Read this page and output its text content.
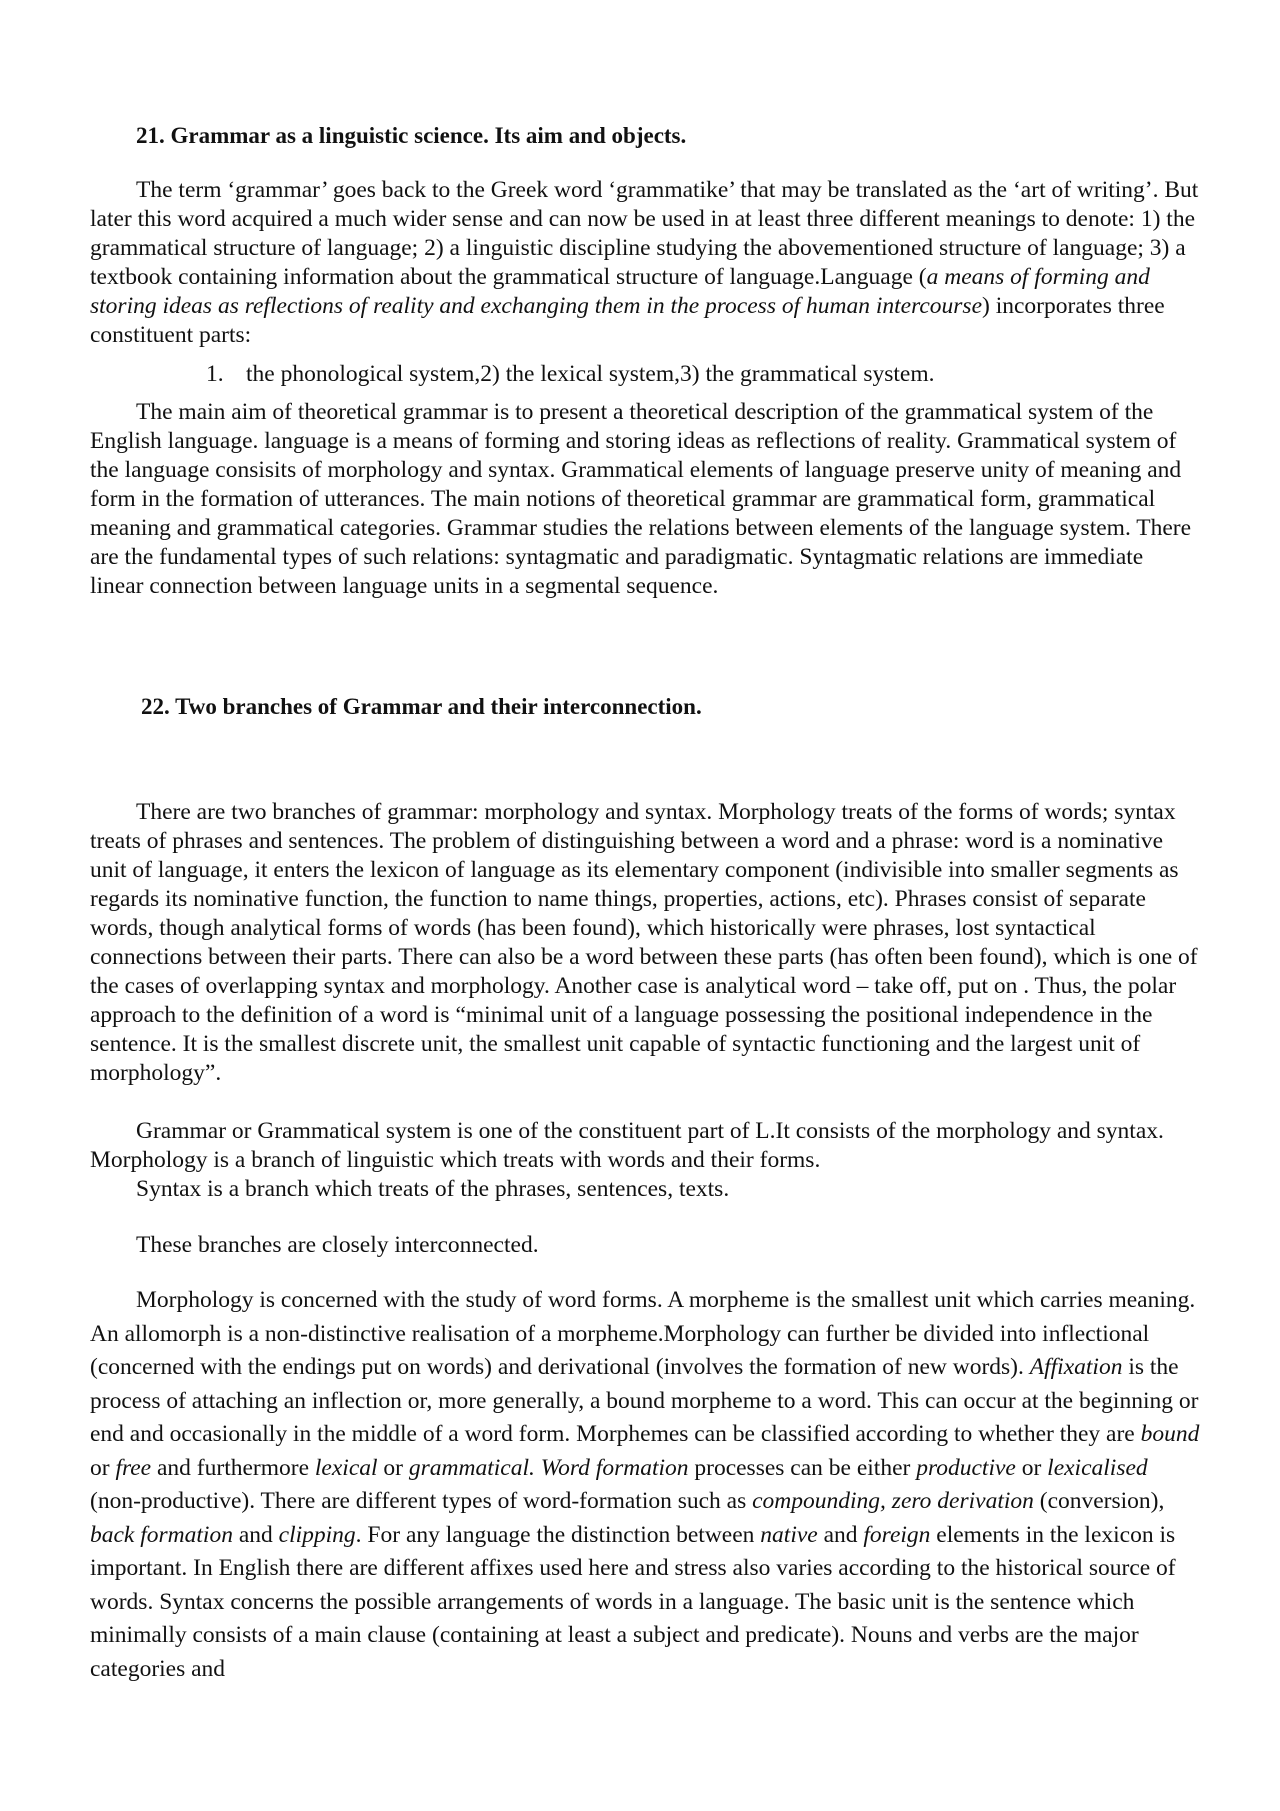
21. Grammar as a linguistic science. Its aim and objects.

The term ‘grammar’ goes back to the Greek word ‘grammatike’ that may be translated as the ‘art of writing’. But later this word acquired a much wider sense and can now be used in at least three different meanings to denote: 1) the grammatical structure of language; 2) a linguistic discipline studying the abovementioned structure of language; 3) a textbook containing information about the grammatical structure of language.Language (a means of forming and storing ideas as reflections of reality and exchanging them in the process of human intercourse) incorporates three constituent parts:

1. the phonological system,2) the lexical system,3) the grammatical system.

The main aim of theoretical grammar is to present a theoretical description of the grammatical system of the English language. language is a means of forming and storing ideas as reflections of reality. Grammatical system of the language consisits of morphology and syntax. Grammatical elements of language preserve unity of meaning and form in the formation of utterances. The main notions of theoretical grammar are grammatical form, grammatical meaning and grammatical categories. Grammar studies the relations between elements of the language system. There are the fundamental types of such relations: syntagmatic and paradigmatic. Syntagmatic relations are immediate linear connection between language units in a segmental sequence.

22. Two branches of Grammar and their interconnection.

There are two branches of grammar: morphology and syntax. Morphology treats of the forms of words; syntax treats of phrases and sentences. The problem of distinguishing between a word and a phrase: word is a nominative unit of language, it enters the lexicon of language as its elementary component (indivisible into smaller segments as regards its nominative function, the function to name things, properties, actions, etc). Phrases consist of separate words, though analytical forms of words (has been found), which historically were phrases, lost syntactical connections between their parts. There can also be a word between these parts (has often been found), which is one of the cases of overlapping syntax and morphology. Another case is analytical word – take off, put on . Thus, the polar approach to the definition of a word is “minimal unit of a language possessing the positional independence in the sentence. It is the smallest discrete unit, the smallest unit capable of syntactic functioning and the largest unit of morphology”.

Grammar or Grammatical system is one of the constituent part of L.It consists of the morphology and syntax. Morphology is a branch of linguistic which treats with words and their forms.

Syntax is a branch which treats of the phrases, sentences, texts.

These branches are closely interconnected.

Morphology is concerned with the study of word forms. A morpheme is the smallest unit which carries meaning. An allomorph is a non-distinctive realisation of a morpheme.Morphology can further be divided into inflectional (concerned with the endings put on words) and derivational (involves the formation of new words). Affixation is the process of attaching an inflection or, more generally, a bound morpheme to a word. This can occur at the beginning or end and occasionally in the middle of a word form. Morphemes can be classified according to whether they are bound or free and furthermore lexical or grammatical. Word formation processes can be either productive or lexicalised (non-productive). There are different types of word-formation such as compounding, zero derivation (conversion), back formation and clipping. For any language the distinction between native and foreign elements in the lexicon is important. In English there are different affixes used here and stress also varies according to the historical source of words. Syntax concerns the possible arrangements of words in a language. The basic unit is the sentence which minimally consists of a main clause (containing at least a subject and predicate). Nouns and verbs are the major categories and
